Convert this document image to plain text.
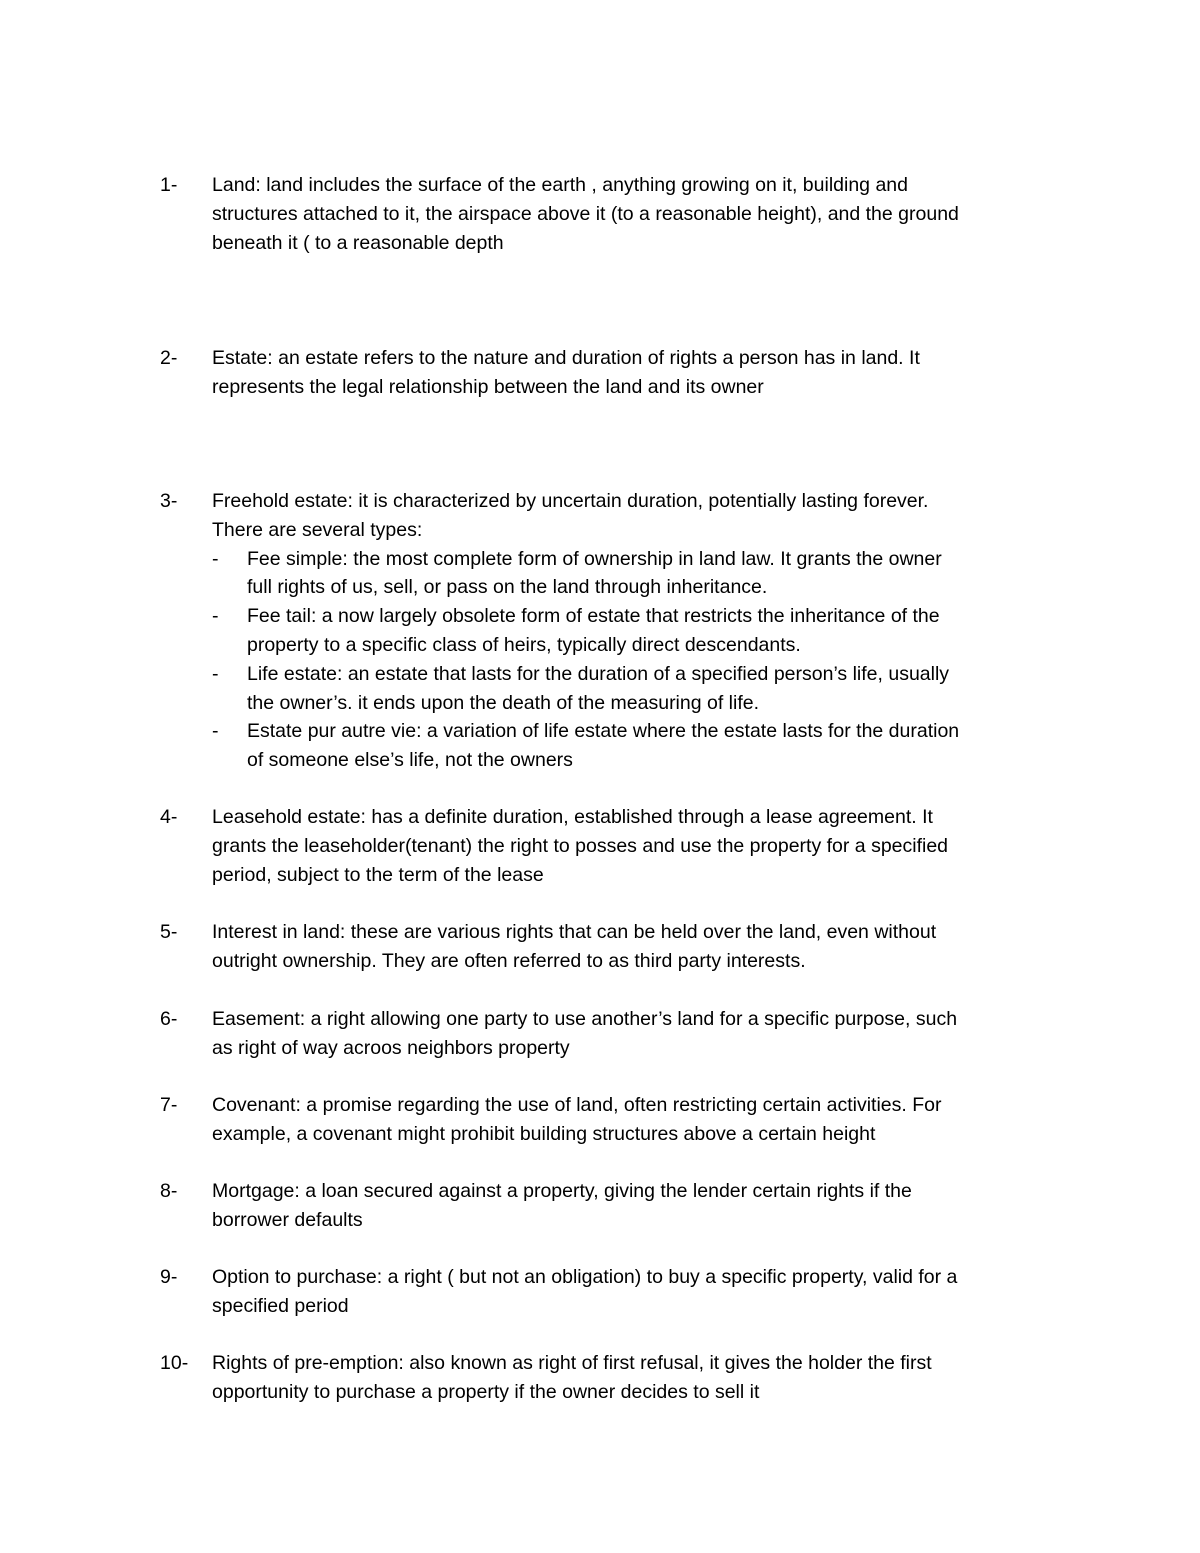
1-	Land: land includes the surface of the earth , anything growing on it, building and
structures attached to it, the airspace above it (to a reasonable height), and the ground
beneath it ( to a reasonable depth
2-	Estate: an estate refers to the nature and duration of rights a person has in land. It
represents the legal relationship between the land and its owner
3-	Freehold estate: it is characterized by uncertain duration, potentially lasting forever.
There are several types:
- Fee simple: the most complete form of ownership in land law. It grants the owner
full rights of us, sell, or pass on the land through inheritance.
- Fee tail: a now largely obsolete form of estate that restricts the inheritance of the
property to a specific class of heirs, typically direct descendants.
- Life estate: an estate that lasts for the duration of a specified person’s life, usually
the owner’s. it ends upon the death of the measuring of life.
- Estate pur autre vie: a variation of life estate where the estate lasts for the duration
of someone else’s life, not the owners
4-	Leasehold estate: has a definite duration, established through a lease agreement. It
grants the leaseholder(tenant) the right to posses and use the property for a specified
period, subject to the term of the lease
5-	Interest in land: these are various rights that can be held over the land, even without
outright ownership. They are often referred to as third party interests.
6-	Easement: a right allowing one party to use another’s land for a specific purpose, such
as right of way acroos neighbors property
7-	Covenant: a promise regarding the use of land, often restricting certain activities. For
example, a covenant might prohibit building structures above a certain height
8-	Mortgage: a loan secured against a property, giving the lender certain rights if the
borrower defaults
9-	Option to purchase: a right ( but not an obligation) to buy a specific property, valid for a
specified period
10-	Rights of pre-emption: also known as right of first refusal, it gives the holder the first
opportunity to purchase a property if the owner decides to sell it
